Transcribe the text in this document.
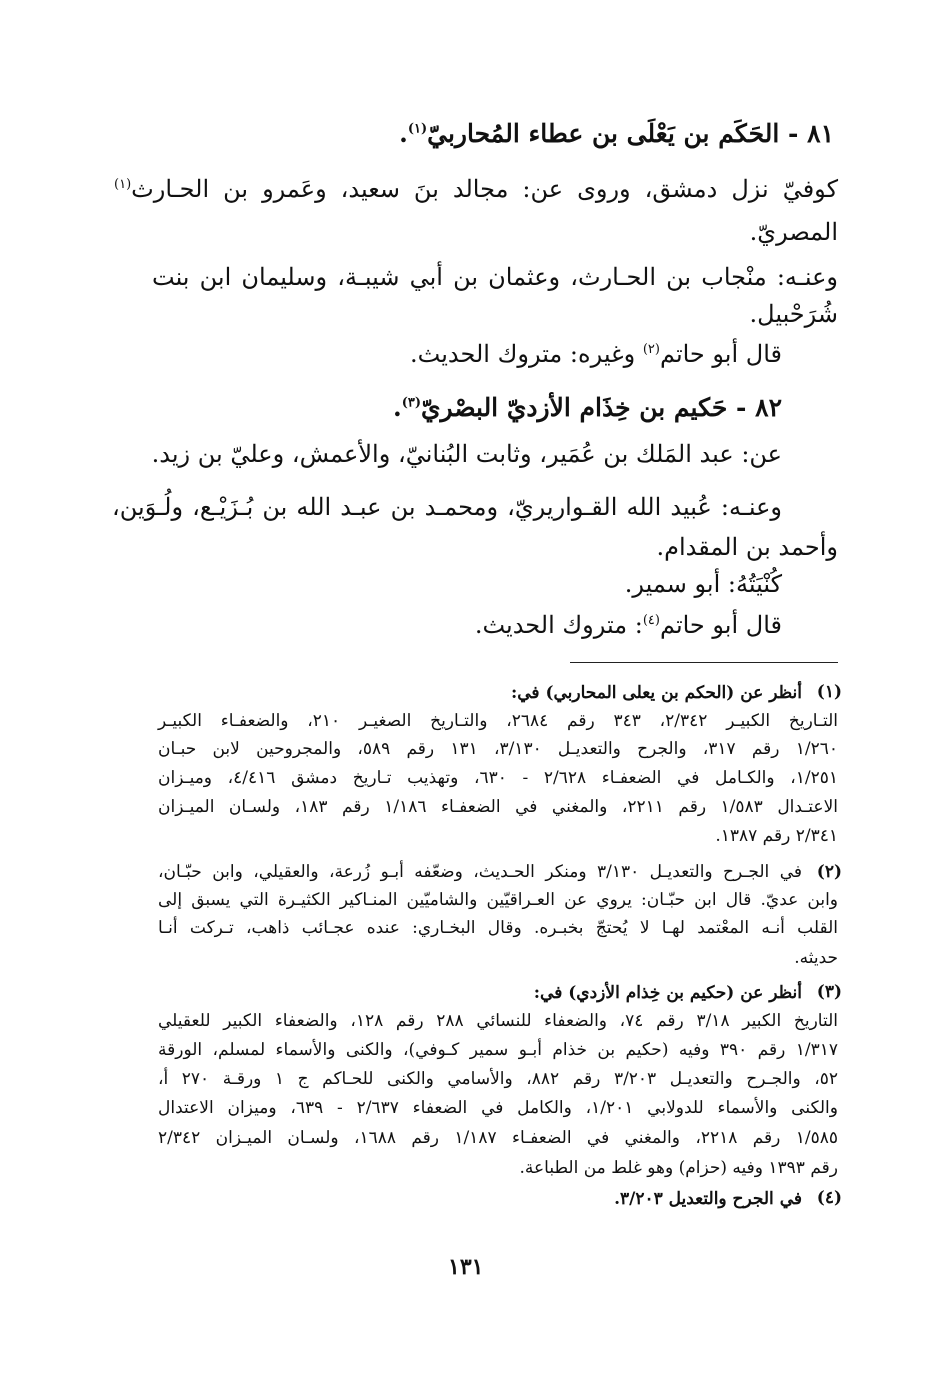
٨١ - الحَكَم بن يَعْلَى بن عطاء المُحاربيّ$^{(١)}$.
كوفيّ نزل دمشق، وروى عن: مجالد بنَ سعيد، وعَمرو بن الحـارث$^{(١)}$
المصريّ.
وعنـه: منْجاب بن الحـارث، وعثمان بن أبي شيبـة، وسليمان ابن بنت
شُرَحْبيل.
قال أبو حاتم$^{(٢)}$ وغيره: متروك الحديث.
٨٢ - حَكيم بن خِذَام الأزديّ البصْريّ$^{(٣)}$.
عن: عبد المَلك بن عُمَير، وثابت البُنانيّ، والأعمش، وعليّ بن زيد.
وعنـه: عُبيد الله القـواريريّ، ومحمـد بن عبـد الله بن بُـزَيْـع، ولُـوَين،
وأحمد بن المقدام.
كُنْيَتُهُ: أبو سمير.
قال أبو حاتم$^{(٤)}$: متروك الحديث.
(١)
أنظر عن (الحكم بن يعلى المحاربي) في:
التـاريخ الكبيـر ٢/٣٤٢، ٣٤٣ رقم ٢٦٨٤، والتـاريخ الصغيـر ٢١٠، والضعفـاء الكبيـر
١/٢٦٠ رقم ٣١٧، والجرح والتعديـل ٣/١٣٠، ١٣١ رقم ٥٨٩، والمجروحين لابن حبـان
١/٢٥١، والكـامل في الضعفـاء ٢/٦٢٨ - ٦٣٠، وتهذيب تـاريخ دمشق ٤/٤١٦، وميـزان
الاعتـدال ١/٥٨٣ رقم ٢٢١١، والمغني في الضعفـاء ١/١٨٦ رقم ١٨٣، ولسـان الميـزان
٢/٣٤١ رقم ١٣٨٧.
(٢)
في الجـرح والتعديـل ٣/١٣٠ ومنكر الحـديث، وضعّفه أبـو زُرعة، والعقيلي، وابن حبّـان،
وابن عديّ. قال ابن حبّـان: يروي عن العـراقيّين والشاميّين المنـاكير الكثيـرة التي يسبق إلى
القلب أنـه المعْتمد لهـا لا يُحتجّ بخبـره. وقال البخـاري: عنده عجـائب ذاهب، تـركت أنـا
حديثه.
(٣)
أنظر عن (حكيم بن خِذام الأزدي) في:
التاريخ الكبير ٣/١٨ رقم ٧٤، والضعفاء للنسائي ٢٨٨ رقم ١٢٨، والضعفاء الكبير للعقيلي
١/٣١٧ رقم ٣٩٠ وفيه (حكيم بن خذام أبـو سمير كـوفي)، والكنى والأسماء لمسلم، الورقة
٥٢، والجـرح والتعديـل ٣/٢٠٣ رقم ٨٨٢، والأسامي والكنى للحـاكم ج ١ ورقـة ٢٧٠ أ،
والكنى والأسماء للدولابي ١/٢٠١، والكامل في الضعفاء ٢/٦٣٧ - ٦٣٩، وميزان الاعتدال
١/٥٨٥ رقم ٢٢١٨، والمغني في الضعفـاء ١/١٨٧ رقم ١٦٨٨، ولسـان الميـزان ٢/٣٤٢
رقم ١٣٩٣ وفيه (حزام) وهو غلط من الطباعة.
(٤)
في الجرح والتعديل ٣/٢٠٣.
١٣١
